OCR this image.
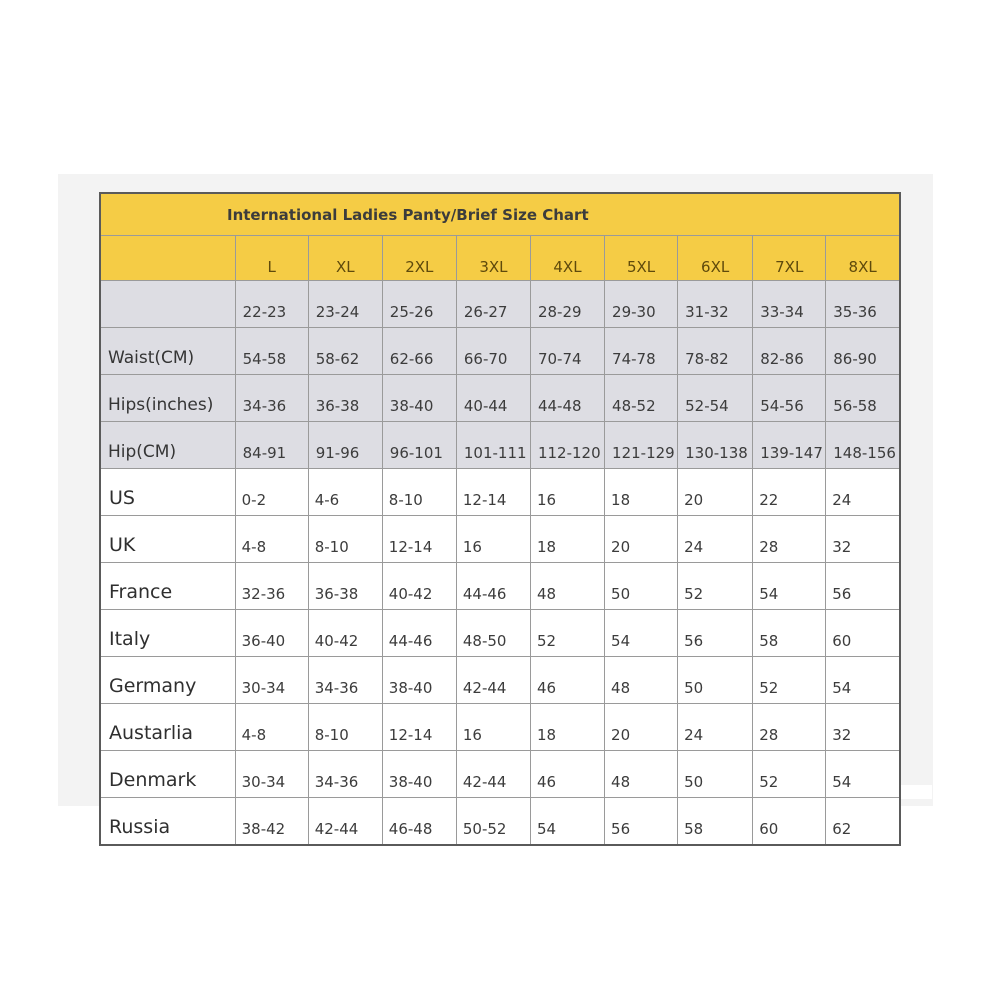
International Ladies Panty/Brief Size Chart									
	L	XL	2XL	3XL	4XL	5XL	6XL	7XL	8XL
	22-23	23-24	25-26	26-27	28-29	29-30	31-32	33-34	35-36
Waist(CM)	54-58	58-62	62-66	66-70	70-74	74-78	78-82	82-86	86-90
Hips(inches)	34-36	36-38	38-40	40-44	44-48	48-52	52-54	54-56	56-58
Hip(CM)	84-91	91-96	96-101	101-111	112-120	121-129	130-138	139-147	148-156
US	0-2	4-6	8-10	12-14	16	18	20	22	24
UK	4-8	8-10	12-14	16	18	20	24	28	32
France	32-36	36-38	40-42	44-46	48	50	52	54	56
Italy	36-40	40-42	44-46	48-50	52	54	56	58	60
Germany	30-34	34-36	38-40	42-44	46	48	50	52	54
Austarlia	4-8	8-10	12-14	16	18	20	24	28	32
Denmark	30-34	34-36	38-40	42-44	46	48	50	52	54
Russia	38-42	42-44	46-48	50-52	54	56	58	60	62
